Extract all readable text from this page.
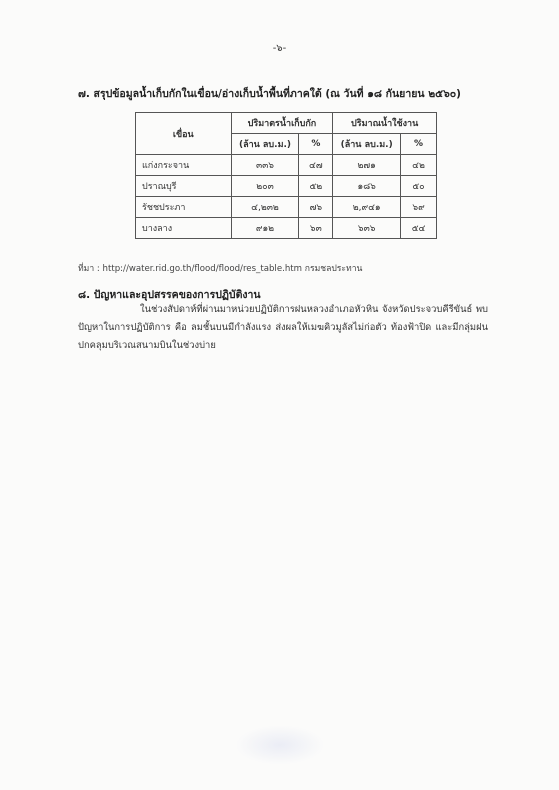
-๖-
๗. สรุปข้อมูลน้ำเก็บกักในเขื่อน/อ่างเก็บน้ำพื้นที่ภาคใต้ (ณ วันที่ ๑๘ กันยายน ๒๕๖๐)
เขื่อน	ปริมาตรน้ำเก็บกัก		ปริมาณน้ำใช้งาน	
	(ล้าน ลบ.ม.)	%	(ล้าน ลบ.ม.)	%
แก่งกระจาน	๓๓๖	๔๗	๒๗๑	๔๒
ปราณบุรี	๒๐๓	๕๒	๑๘๖	๕๐
รัชชประภา	๔,๒๓๒	๗๖	๒,๙๔๑	๖๙
บางลาง	๙๑๒	๖๓	๖๓๖	๕๔
ที่มา : http://water.rid.go.th/flood/flood/res_table.htm กรมชลประทาน
๘. ปัญหาและอุปสรรคของการปฏิบัติงาน
ในช่วงสัปดาห์ที่ผ่านมาหน่วยปฏิบัติการฝนหลวงอำเภอหัวหิน จังหวัดประจวบคีรีขันธ์ พบปัญหาในการปฏิบัติการ คือ ลมชั้นบนมีกำลังแรง ส่งผลให้เมฆคิวมูลัสไม่ก่อตัว ท้องฟ้าปิด และมีกลุ่มฝนปกคลุมบริเวณสนามบินในช่วงบ่าย
